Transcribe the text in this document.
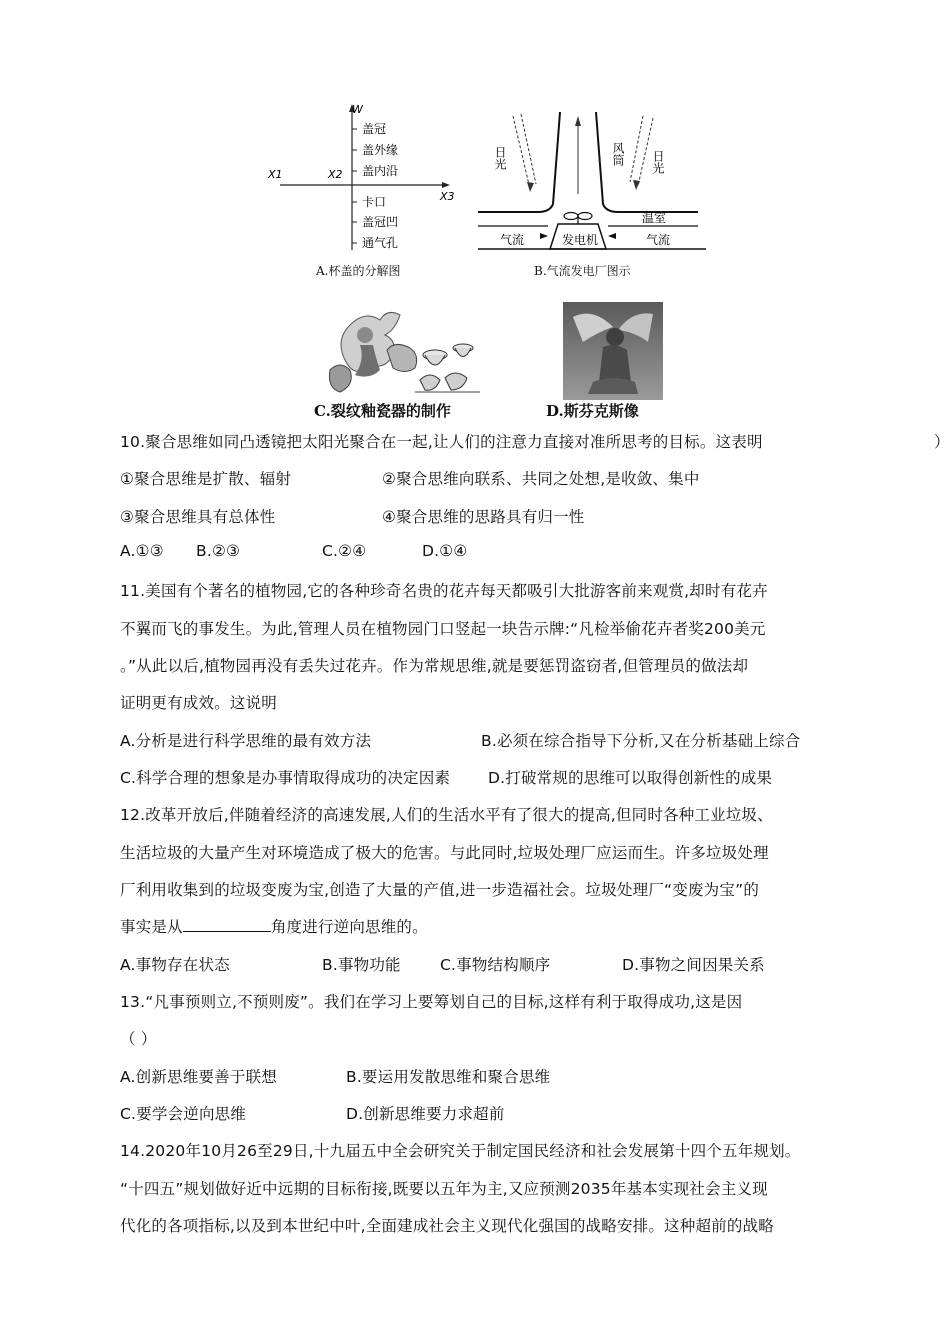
W
X1	X2
X3
盖冠
盖外缘
盖内沿
卡口
盖冠凹
通气孔
A.杯盖的分解图
日光	风筒 日光
温室
发电机
气流	气流
B.气流发电厂图示
C.裂纹釉瓷器的制作	D.斯芬克斯像
10.聚合思维如同凸透镜把太阳光聚合在一起,让人们的注意力直接对准所思考的目标。这表明	）
①聚合思维是扩散、辐射	②聚合思维向联系、共同之处想,是收敛、集中
③聚合思维具有总体性	④聚合思维的思路具有归一性
A.①③ B.②③	C.②④	D.①④
11.美国有个著名的植物园,它的各种珍奇名贵的花卉每天都吸引大批游客前来观赏,却时有花卉
不翼而飞的事发生。为此,管理人员在植物园门口竖起一块告示牌:“凡检举偷花卉者奖200美元
。”从此以后,植物园再没有丢失过花卉。作为常规思维,就是要惩罚盗窃者,但管理员的做法却
证明更有成效。这说明
A.分析是进行科学思维的最有效方法	B.必须在综合指导下分析,又在分析基础上综合
C.科学合理的想象是办事情取得成功的决定因素 D.打破常规的思维可以取得创新性的成果
12.改革开放后,伴随着经济的高速发展,人们的生活水平有了很大的提高,但同时各种工业垃圾、
生活垃圾的大量产生对环境造成了极大的危害。与此同时,垃圾处理厂应运而生。许多垃圾处理
厂利用收集到的垃圾变废为宝,创造了大量的产值,进一步造福社会。垃圾处理厂“变废为宝”的
事实是从	角度进行逆向思维的。
A.事物存在状态	B.事物功能	C.事物结构顺序	D.事物之间因果关系
13.“凡事预则立,不预则废”。我们在学习上要筹划自己的目标,这样有利于取得成功,这是因
（ ）
A.创新思维要善于联想	B.要运用发散思维和聚合思维
C.要学会逆向思维	D.创新思维要力求超前
14.2020年10月26至29日,十九届五中全会研究关于制定国民经济和社会发展第十四个五年规划。
“十四五”规划做好近中远期的目标衔接,既要以五年为主,又应预测2035年基本实现社会主义现
代化的各项指标,以及到本世纪中叶,全面建成社会主义现代化强国的战略安排。这种超前的战略
